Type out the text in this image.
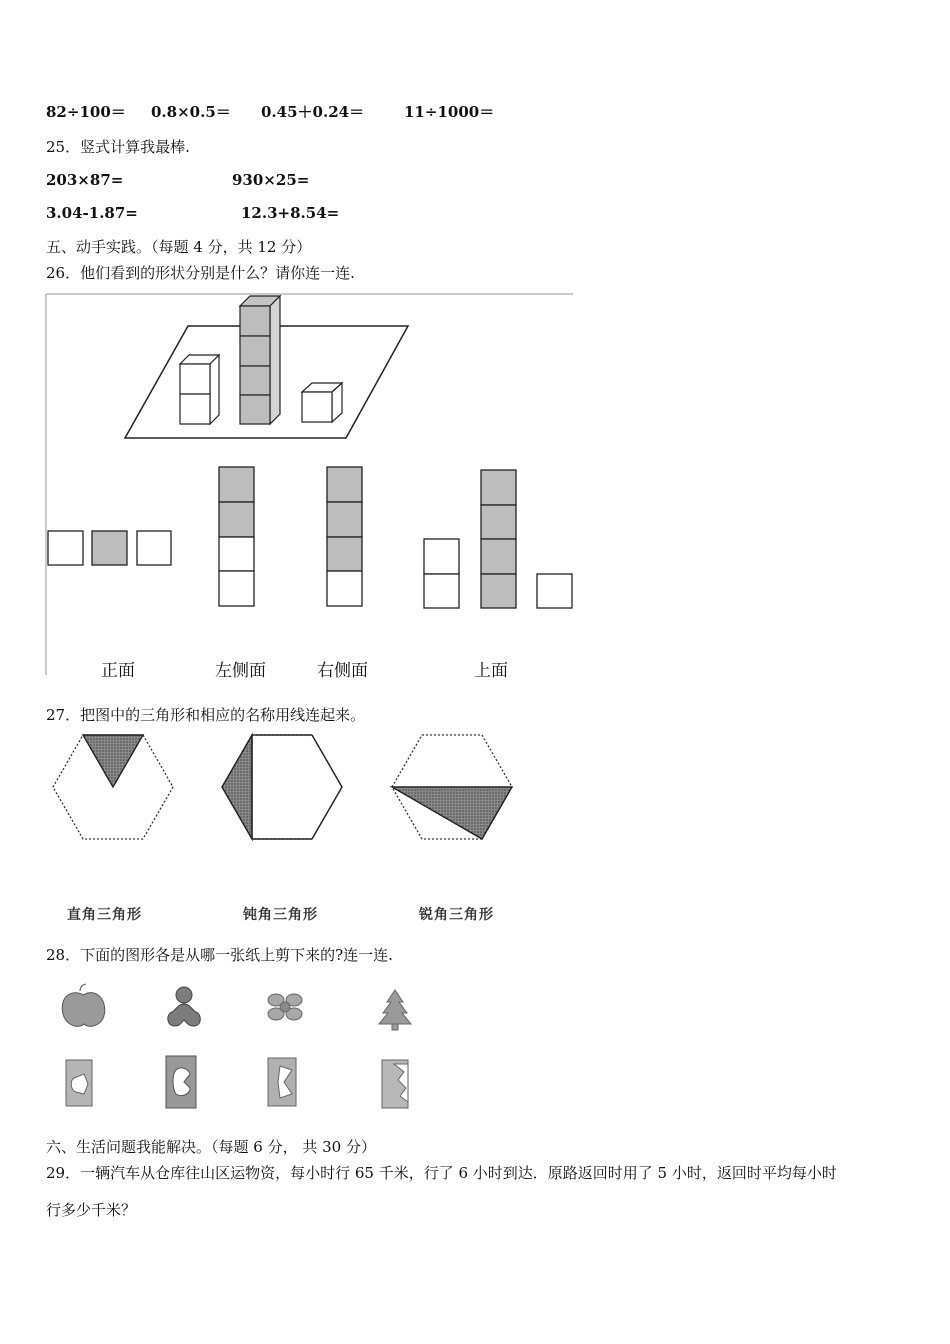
82÷100＝ 0.8×0.5＝ 0.45＋0.24＝	11÷1000＝
25．竖式计算我最棒.
203×87=	930×25=
3.04-1.87=	12.3+8.54=
五、动手实践。（每题 4 分，共 12 分）
26．他们看到的形状分别是什么？请你连一连.
正面	左侧面	右侧面	上面
27．把图中的三角形和相应的名称用线连起来。
直角三角形	钝角三角形	锐角三角形
28．下面的图形各是从哪一张纸上剪下来的?连一连.
六、生活问题我能解决。（每题 6 分， 共 30 分）
29．一辆汽车从仓库往山区运物资，每小时行 65 千米，行了 6 小时到达．原路返回时用了 5 小时，返回时平均每小时
行多少千米？
